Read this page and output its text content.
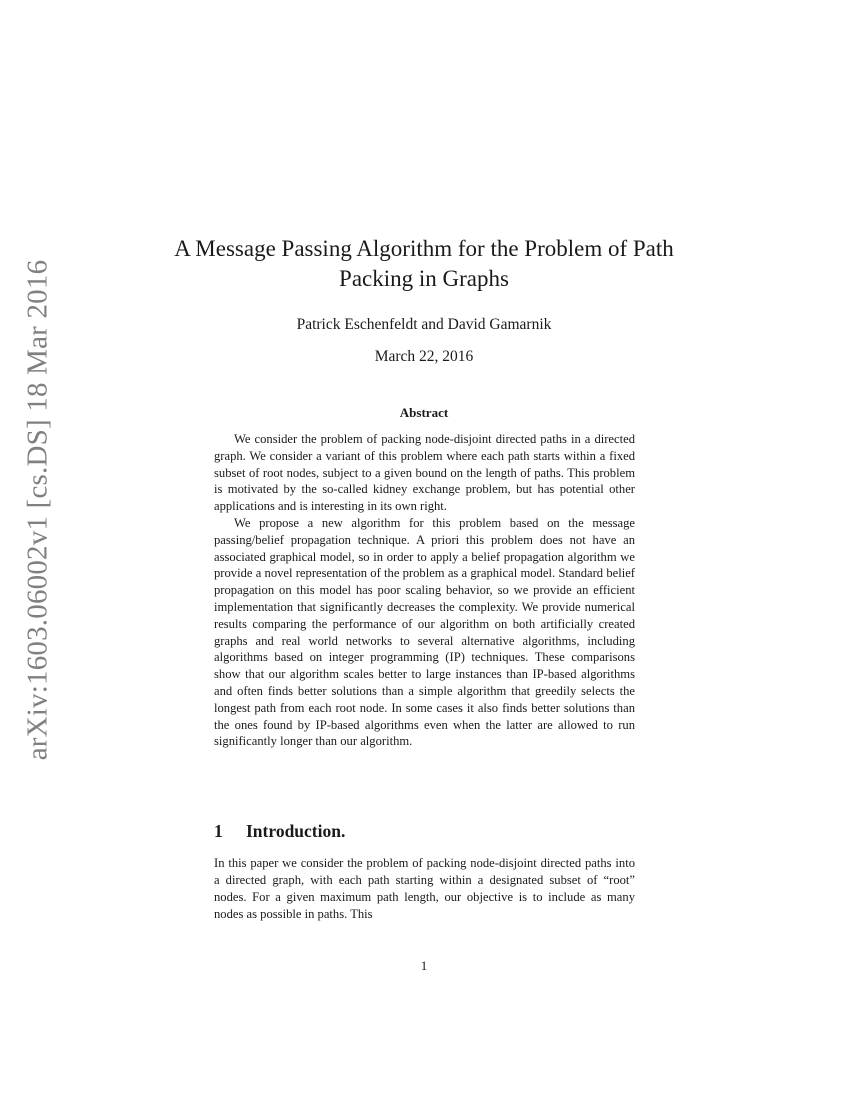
arXiv:1603.06002v1 [cs.DS] 18 Mar 2016
A Message Passing Algorithm for the Problem of Path Packing in Graphs

Patrick Eschenfeldt and David Gamarnik

March 22, 2016

Abstract

We consider the problem of packing node-disjoint directed paths in a directed graph. We consider a variant of this problem where each path starts within a fixed subset of root nodes, subject to a given bound on the length of paths. This problem is motivated by the so-called kidney exchange problem, but has potential other applications and is interesting in its own right.

We propose a new algorithm for this problem based on the message passing/belief propagation technique. A priori this problem does not have an associated graphical model, so in order to apply a belief propagation algorithm we provide a novel representation of the problem as a graphical model. Standard belief propagation on this model has poor scaling behavior, so we provide an efficient implementation that significantly decreases the complexity. We provide numerical results comparing the performance of our algorithm on both artificially created graphs and real world networks to several alternative algorithms, including algorithms based on integer programming (IP) techniques. These comparisons show that our algorithm scales better to large instances than IP-based algorithms and often finds better solutions than a simple algorithm that greedily selects the longest path from each root node. In some cases it also finds better solutions than the ones found by IP-based algorithms even when the latter are allowed to run significantly longer than our algorithm.

1 Introduction.

In this paper we consider the problem of packing node-disjoint directed paths into a directed graph, with each path starting within a designated subset of “root” nodes. For a given maximum path length, our objective is to include as many nodes as possible in paths. This

1
